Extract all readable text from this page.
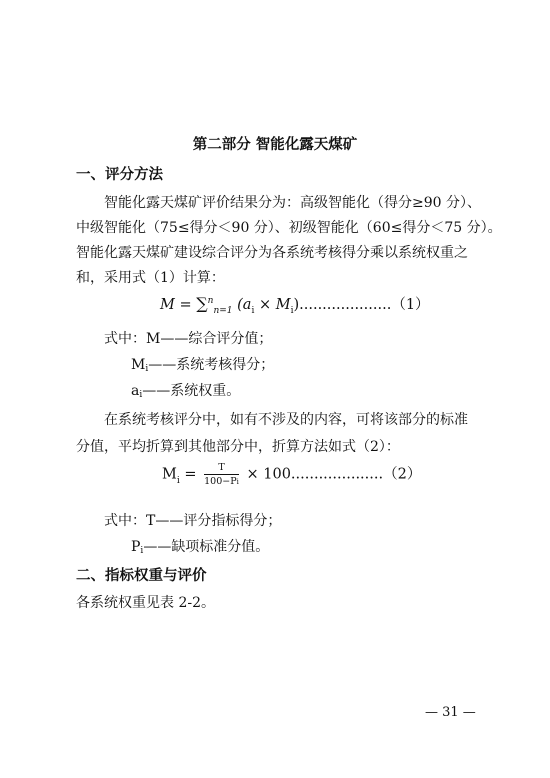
第二部分 智能化露天煤矿
一、评分方法
智能化露天煤矿评价结果分为：高级智能化（得分≥90 分）、
中级智能化（75≤得分＜90 分）、初级智能化（60≤得分＜75 分）。
智能化露天煤矿建设综合评分为各系统考核得分乘以系统权重之
和，采用式（1）计算：
M = ∑$^n_{n=1}$ $(a_i \times M_i)....................(1)$
式中：M——综合评分值；
Mi——系统考核得分；
ai——系统权重。
在系统考核评分中，如有不涉及的内容，可将该部分的标准
分值，平均折算到其他部分中，折算方法如式（2）：
$M_i = \frac{T}{100-Pi} \times 100....................(2)$
式中：T——评分指标得分；
Pi——缺项标准分值。
二、指标权重与评价
各系统权重见表 2-2。
— 31 —
